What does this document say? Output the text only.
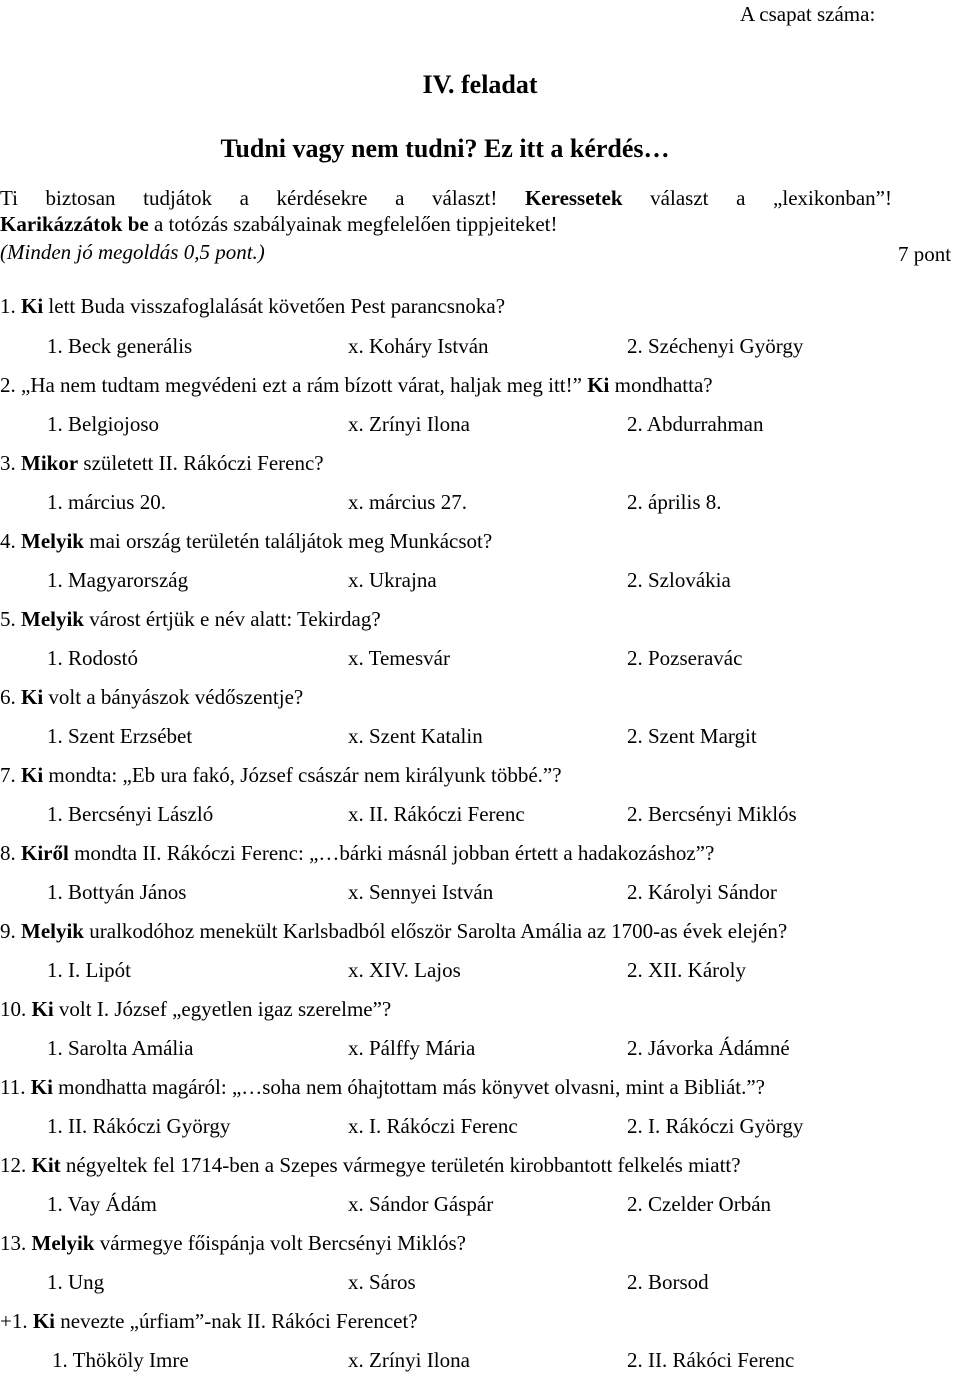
A csapat száma:
IV. feladat
Tudni vagy nem tudni? Ez itt a kérdés…
Ti biztosan tudjátok a kérdésekre a választ! Keressetek választ a „lexikonban”!
Karikázzátok be a totózás szabályainak megfelelően tippjeiteket!
(Minden jó megoldás 0,5 pont.)	7 pont
1. Ki lett Buda visszafoglalását követően Pest parancsnoka?
1. Beck generális	x. Koháry István	2. Széchenyi György
2. „Ha nem tudtam megvédeni ezt a rám bízott várat, haljak meg itt!” Ki mondhatta?
1. Belgiojoso	x. Zrínyi Ilona	2. Abdurrahman
3. Mikor született II. Rákóczi Ferenc?
1. március 20.	x. március 27.	2. április 8.
4. Melyik mai ország területén találjátok meg Munkácsot?
1. Magyarország	x. Ukrajna	2. Szlovákia
5. Melyik várost értjük e név alatt: Tekirdag?
1. Rodostó	x. Temesvár	2. Pozseravác
6. Ki volt a bányászok védőszentje?
1. Szent Erzsébet	x. Szent Katalin	2. Szent Margit
7. Ki mondta: „Eb ura fakó, József császár nem királyunk többé.”?
1. Bercsényi László	x. II. Rákóczi Ferenc	2. Bercsényi Miklós
8. Kiről mondta II. Rákóczi Ferenc: „…bárki másnál jobban értett a hadakozáshoz”?
1. Bottyán János	x. Sennyei István	2. Károlyi Sándor
9. Melyik uralkodóhoz menekült Karlsbadból először Sarolta Amália az 1700-as évek elején?
1. I. Lipót	x. XIV. Lajos	2. XII. Károly
10. Ki volt I. József „egyetlen igaz szerelme”?
1. Sarolta Amália	x. Pálffy Mária	2. Jávorka Ádámné
11. Ki mondhatta magáról: „…soha nem óhajtottam más könyvet olvasni, mint a Bibliát.”?
1. II. Rákóczi György	x. I. Rákóczi Ferenc	2. I. Rákóczi György
12. Kit négyeltek fel 1714-ben a Szepes vármegye területén kirobbantott felkelés miatt?
1. Vay Ádám	x. Sándor Gáspár	2. Czelder Orbán
13. Melyik vármegye főispánja volt Bercsényi Miklós?
1. Ung	x. Sáros	2. Borsod
+1. Ki nevezte „úrfiam”-nak II. Rákóci Ferencet?
1. Thököly Imre	x. Zrínyi Ilona	2. II. Rákóci Ferenc
